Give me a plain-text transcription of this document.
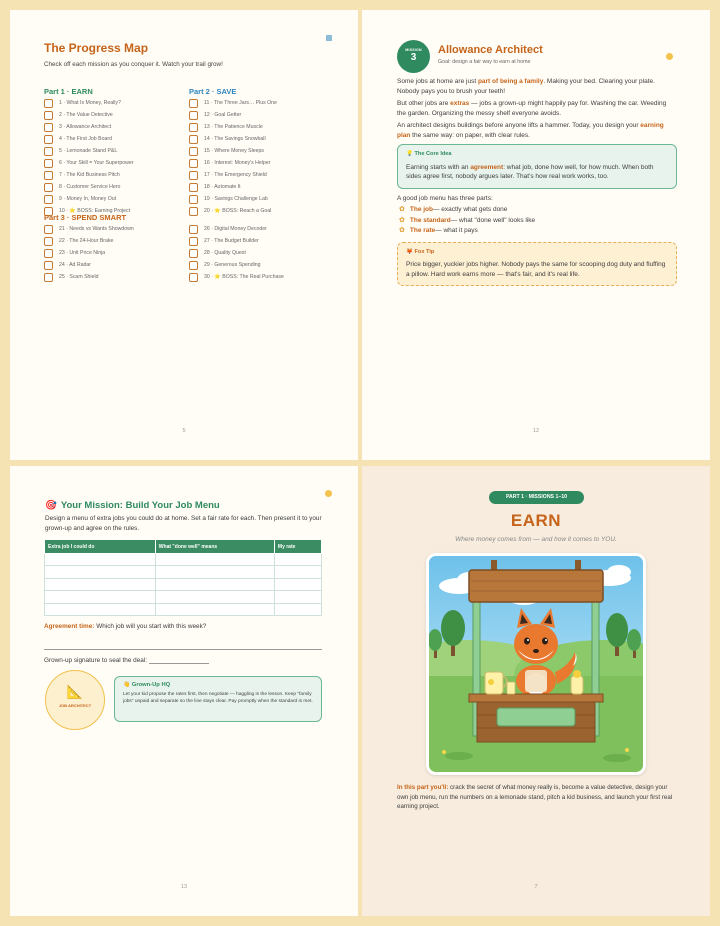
The Progress Map
Check off each mission as you conquer it. Watch your trail grow!
Part 1 · EARN
1 · What Is Money, Really?
2 · The Value Detective
3 · Allowance Architect
4 · The First Job Board
5 · Lemonade Stand P&L
6 · Your Skill = Your Superpower
7 · The Kid Business Pitch
8 · Customer Service Hero
9 · Money In, Money Out
10 · ⭐ BOSS: Earning Project
Part 2 · SAVE
11 · The Three Jars… Plus One
12 · Goal Getter
13 · The Patience Muscle
14 · The Savings Snowball
15 · Where Money Sleeps
16 · Interest: Money's Helper
17 · The Emergency Shield
18 · Automate It
19 · Savings Challenge Lab
20 · ⭐ BOSS: Reach a Goal
Part 3 · SPEND SMART
21 · Needs vs Wants Showdown
22 · The 24-Hour Brake
23 · Unit Price Ninja
24 · Ad Radar
25 · Scam Shield
26 · Digital Money Decoder
27 · The Budget Builder
28 · Quality Quest
29 · Generous Spending
30 · ⭐ BOSS: The Real Purchase
5
MISSION
3
Allowance Architect
Goal: design a fair way to earn at home

Some jobs at home are just part of being a family. Making your bed. Clearing your plate. Nobody pays you to brush your teeth!

But other jobs are extras — jobs a grown-up might happily pay for. Washing the car. Weeding the garden. Organizing the messy shelf everyone avoids.

An architect designs buildings before anyone lifts a hammer. Today, you design your earning plan the same way: on paper, with clear rules.

💡 The Core Idea
Earning starts with an agreement: what job, done how well, for how much. When both sides agree first, nobody argues later. That's how real work works, too.
A good job menu has three parts:
✿ The job — exactly what gets done
✿ The standard — what "done well" looks like
✿ The rate — what it pays
🦊 Fox Tip
Price bigger, yuckier jobs higher. Nobody pays the same for scooping dog duty and fluffing a pillow. Hard work earns more — that's fair, and it's real life.
12
🎯 Your Mission: Build Your Job Menu
Design a menu of extra jobs you could do at home. Set a fair rate for each. Then present it to your grown-up and agree on the rules.
Extra job I could do	What "done well" means	My rate

Agreement time: Which job will you start with this week?
Grown-up signature to seal the deal:
📐
JOB ARCHITECT
👋 Grown-Up HQ
Let your kid propose the rates first, then negotiate — haggling is the lesson. Keep "family jobs" unpaid and separate so the line stays clear. Pay promptly when the standard is met.
13
PART 1 · MISSIONS 1–10
EARN
Where money comes from — and how it comes to YOU.
In this part you'll: crack the secret of what money really is, become a value detective, design your own job menu, run the numbers on a lemonade stand, pitch a kid business, and launch your first real earning project.
7
